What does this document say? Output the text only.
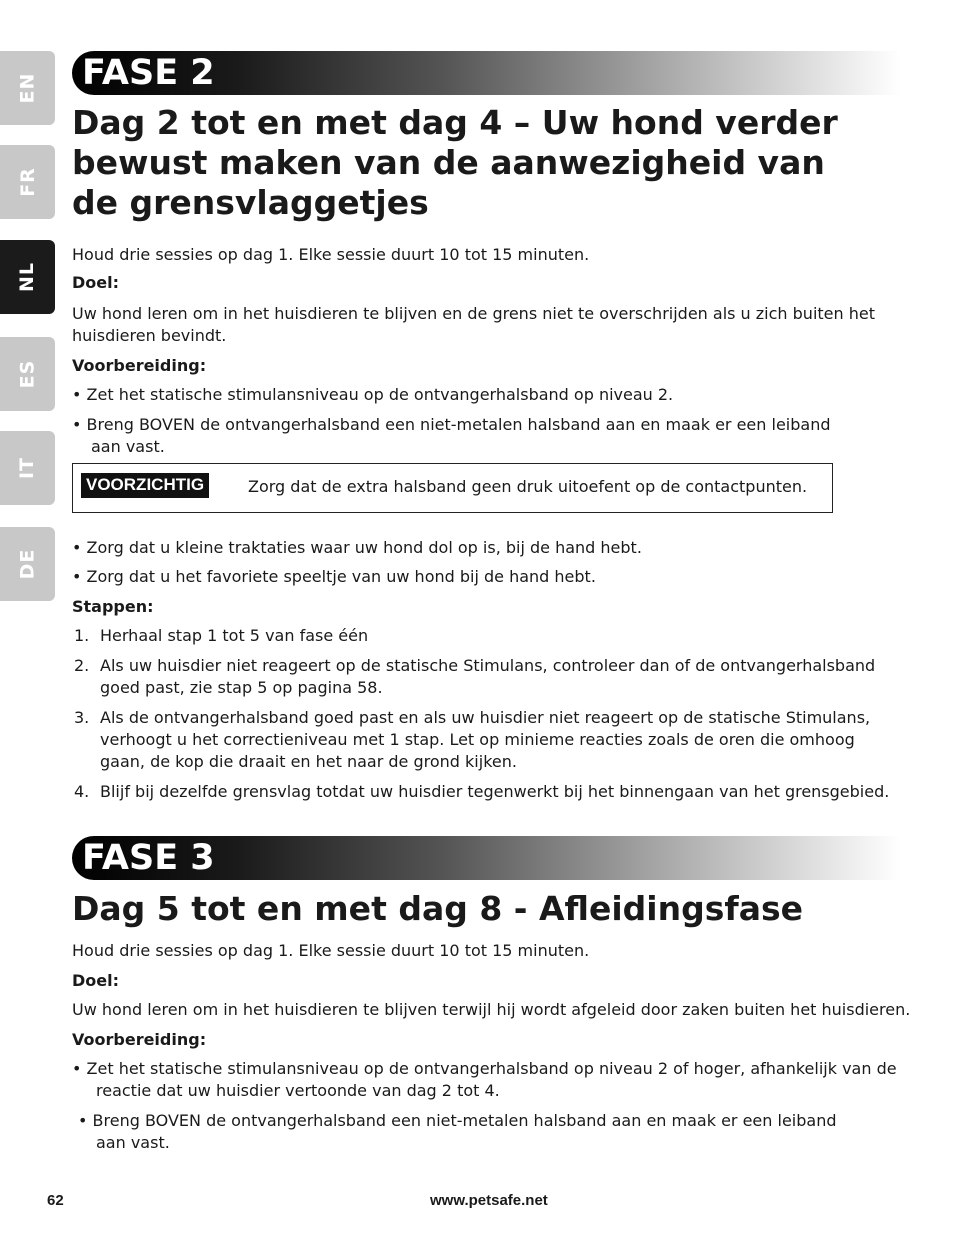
EN
FR
NL
ES
IT
DE
FASE 2
Dag 2 tot en met dag 4 – Uw hond verder
bewust maken van de aanwezigheid van
de grensvlaggetjes

Houd drie sessies op dag 1. Elke sessie duurt 10 tot 15 minuten.

Doel:

Uw hond leren om in het huisdieren te blijven en de grens niet te overschrijden als u zich buiten het

huisdieren bevindt.

Voorbereiding:

• Zet het statische stimulansniveau op de ontvangerhalsband op niveau 2.

• Breng BOVEN de ontvangerhalsband een niet-metalen halsband aan en maak er een leiband

aan vast.

VOORZICHTIG	Zorg dat de extra halsband geen druk uitoefent op de contactpunten.

• Zorg dat u kleine traktaties waar uw hond dol op is, bij de hand hebt.

• Zorg dat u het favoriete speeltje van uw hond bij de hand hebt.

Stappen:

1. Herhaal stap 1 tot 5 van fase één
2. Als uw huisdier niet reageert op de statische Stimulans, controleer dan of de ontvangerhalsband
goed past, zie stap 5 op pagina 58.
3. Als de ontvangerhalsband goed past en als uw huisdier niet reageert op de statische Stimulans,
verhoogt u het correctieniveau met 1 stap. Let op minieme reacties zoals de oren die omhoog
gaan, de kop die draait en het naar de grond kijken.
4. Blijf bij dezelfde grensvlag totdat uw huisdier tegenwerkt bij het binnengaan van het grensgebied.
FASE 3
Dag 5 tot en met dag 8 - Afleidingsfase

Houd drie sessies op dag 1. Elke sessie duurt 10 tot 15 minuten.

Doel:

Uw hond leren om in het huisdieren te blijven terwijl hij wordt afgeleid door zaken buiten het huisdieren.

Voorbereiding:

• Zet het statische stimulansniveau op de ontvangerhalsband op niveau 2 of hoger, afhankelijk van de

reactie dat uw huisdier vertoonde van dag 2 tot 4.

• Breng BOVEN de ontvangerhalsband een niet-metalen halsband aan en maak er een leiband

aan vast.

62	www.petsafe.net
